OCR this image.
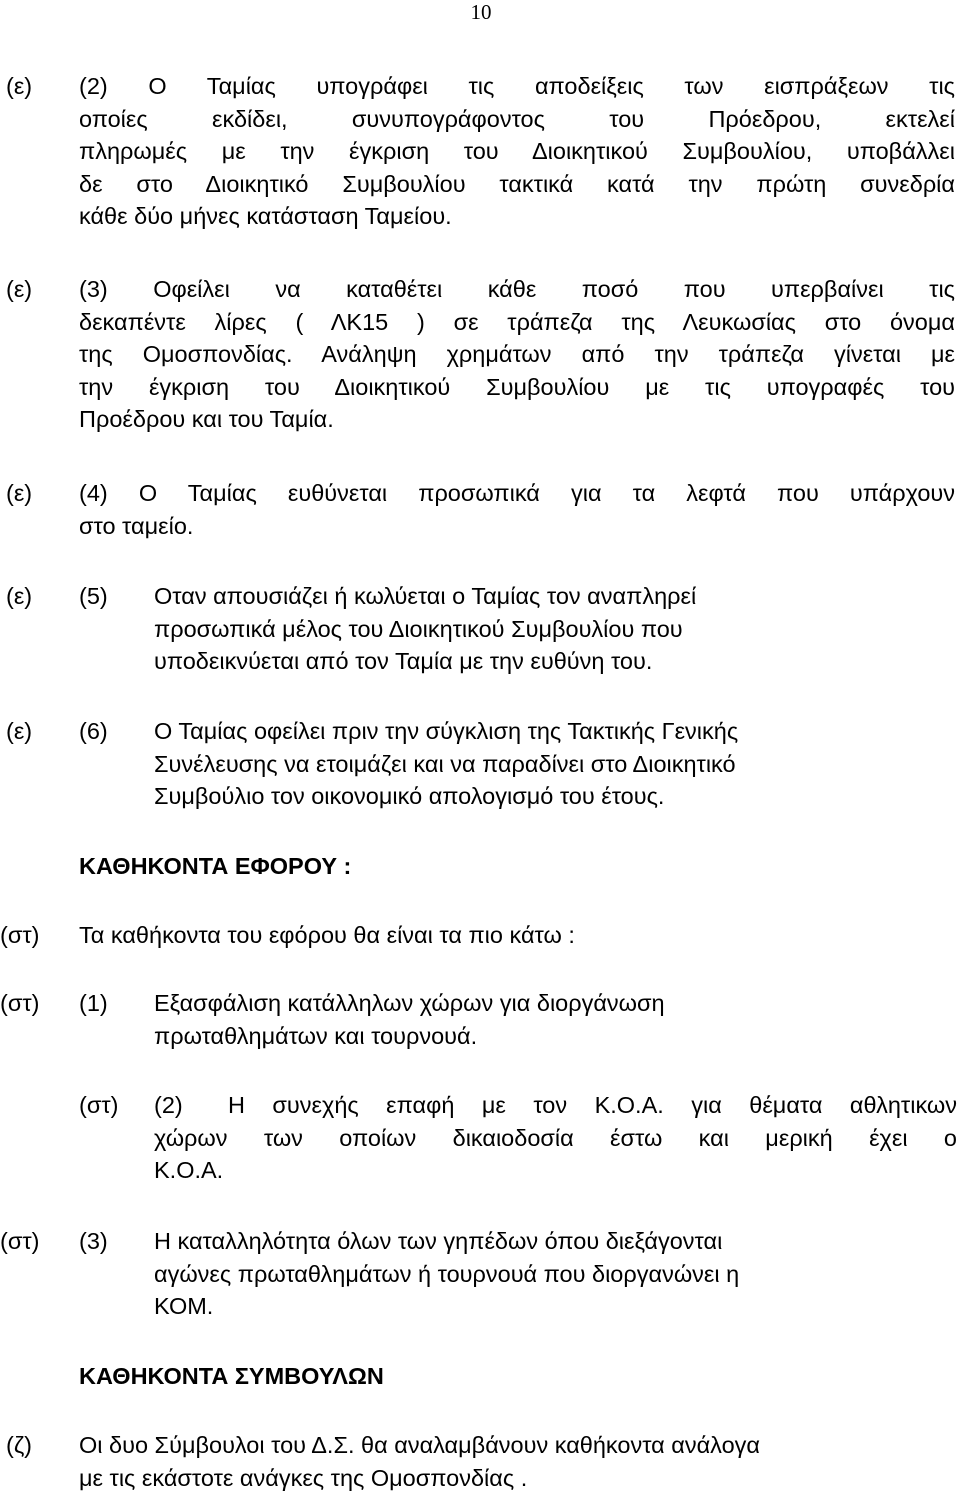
10
(ε) (2) Ο Ταμίας υπογράφει τις αποδείξεις των εισπράξεων τις
οποίες εκδίδει, συνυπογράφοντος του Πρόεδρου, εκτελεί
πληρωμές με την έγκριση του Διοικητικού Συμβουλίου, υποβάλλει
δε στο Διοικητικό Συμβουλίου τακτικά κατά την πρώτη συνεδρία
κάθε δύο μήνες κατάσταση Ταμείου.
(ε) (3) Οφείλει να καταθέτει κάθε ποσό που υπερβαίνει τις
δεκαπέντε λίρες ( ΛΚ15 ) σε τράπεζα της Λευκωσίας στο όνομα
της Ομοσπονδίας. Ανάληψη χρημάτων από την τράπεζα γίνεται με
την έγκριση του Διοικητικού Συμβουλίου με τις υπογραφές του
Προέδρου και του Ταμία.
(ε) (4) Ο Ταμίας ευθύνεται προσωπικά για τα λεφτά που υπάρχουν
στο ταμείο.
(ε) (5) Οταν απουσιάζει ή κωλύεται ο Ταμίας τον αναπληρεί
προσωπικά μέλος του Διοικητικού Συμβουλίου που
υποδεικνύεται από τον Ταμία με την ευθύνη του.
(ε) (6) Ο Ταμίας οφείλει πριν την σύγκλιση της Τακτικής Γενικής
Συνέλευσης να ετοιμάζει και να παραδίνει στο Διοικητικό
Συμβούλιο τον οικονομικό απολογισμό του έτους.
ΚΑΘΗΚΟΝΤΑ ΕΦΟΡΟΥ :
(στ) Τα καθήκοντα του εφόρου θα είναι τα πιο κάτω :
(στ) (1) Εξασφάλιση κατάλληλων χώρων για διοργάνωση
πρωταθλημάτων και τουρνουά.
(στ) (2) Η συνεχής επαφή με τον Κ.Ο.Α. για θέματα αθλητικων
χώρων των οποίων δικαιοδοσία έστω και μερική έχει ο
Κ.Ο.Α.
(στ) (3) Η καταλληλότητα όλων των γηπέδων όπου διεξάγονται
αγώνες πρωταθλημάτων ή τουρνουά που διοργανώνει η
ΚΟΜ.
ΚΑΘΗΚΟΝΤΑ ΣΥΜΒΟΥΛΩΝ
(ζ) Οι δυο Σύμβουλοι του Δ.Σ. θα αναλαμβάνουν καθήκοντα ανάλογα
με τις εκάστοτε ανάγκες της Ομοσπονδίας .
